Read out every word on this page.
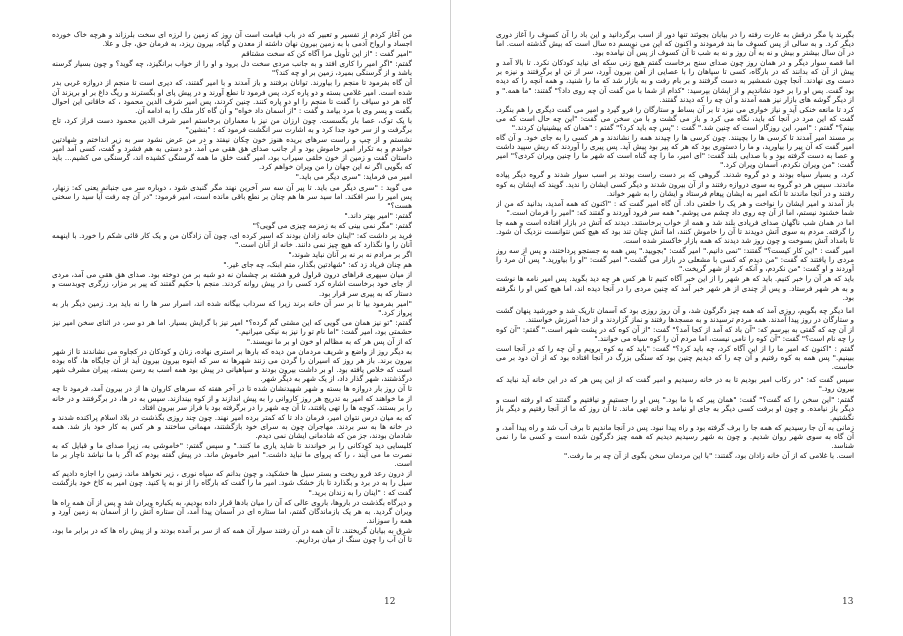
من آغاز كردم از تفسیر و تعبیر كه در باب قیامت است آن روز كه زمین را لرزه ای سخت بلرزاند و هرچه خاک خورده اجساد و ارواح آدمی با به زمین بیرون نهان داشته از معدن و گیاه، بیرون ریزد، به فرمان حق، جل و علا.

"امیر گفت : "از این تأویل مرا آگاه کن که سخت مشتاقم

گفتم: "اگر امیر را کاری افتد و به جانب مردی سخت دل برود و او را از خواب برانگیزد، چه گوید؟ و چون بسیار گرسنه باشد و از گرسنگی بمیرد، زمین بر او چه کند؟"

آن گاه بفرمود تا منجم را بیاورند. توانان برفتند و باز آمدند و با امیر گفتند، که دیری است تا منجم از دروازه غربی بدر شده است. امیر غلامی بسته و دو پاره کرد، پس فرمود تا نطع آورند و در پیش پای او بگسترند و ریگ داغ بر او بریزند آن گاه هر دو سیاف را گفت تا منجم را او دو پاره کنند. چنین کردند، پس امیر شرف الدین محمود ، كه خاقانی این احوال بگفت و پسر وی با مرد بیامد و گفت : "از آسمان داد خواه" و آن گاه کار ملک را به ادامه آن.

با یک توک، عصا بار بگسست. چون ارزان من نیز با معماران برخاستم امیر شرف الدین محمود دست قراز کرد، تاج برگرفت و از سر خود جدا کرد و به اشارت سر انگشت فرمود که : "بنشین"

نشستم و از چپ و راست سرهای بریده هنوز خون چکان نیفتد و در من عرض نشود سر به زیر انداختم و شهادتین خواندم و به تکرار امیر خاموش بود و ار جانب صدای هق هقی می آمد. دو دستی به هم فشرد و گفت، کسی آمد امیر داستان گفت و زمین از خون خلقی سیراب بود، امیر گفت خلق ما همه گرسنگی کشیده اند، گرسنگی می کشیم... باید که بگویی اگر نه این جهان را من ویران خواهم کرد.

امیر می فرماید: "سری دیگر می باید."

می گوید : "سری دیگر می باید. تا پیر آن سه سر آخرین نهند مگر گنبدی شود ، دوباره سر می جنبانم یعنی که: زنهار، پس امیر را سر افکند. اما سید سر ها هم چنان بر نطع باقی مانده است، امیر فرمود: "در آن چه رفت آیا سید را سخنی هست؟"

گفتم: "امیر بهتر داند."

گفتم: "مگر نمی بینی که به زمزمه چیزی می گویی؟"

فرید بر داشت که: "اینان خانه زادان بودند که اسیر کرده ای، چون آن زادگان من و یک کار قائی شکم را خورد. با اینهمه آنان را وا نگذارد که هیچ چیز نمی دانند. خانه از آنان است."

اگر بر مرادم نه بر نه بر آنان نباید شوند،"

هم چنان فریاد زد که: "شهادتین بگذار، متم ابنک، چه جای غیر."

از میان سپهری قراهای درون قراول فرو هشته بر چشمان نه دو شبه بر من دوخته بود. صدای هق هقی می آمد، مردی از جای خود برخاست اشاره کرد کسی را در پیش روانه کردند. منجم با حکیم گفتند که پیر بر مزار، زرگری چوبدست و دستار که به پیری سر قرار بود.

"امیر بفرمود بیا تا بر سر آن خانه برند زیرا که سرداب بیگانه شده اند، اسرار سر ها را نه باید برد. زمین دیگر بار به پرواز کرد."

گفتم: "تو نیز همان می گویی که این مشتی گم گرده؟" امیر نیز با گرایش بسیار. اما هر دو سر، در اثنای سخن امیر نیز حشمتی بود، امیر گفت: "اما نام تو را نیز به نیکی میرانیم."

که از آن پس هر که به مظالم او خون او بر ما نویسند."

به دیگر روز از واضع و شریف مردمان من دیده كه بارها بر استری نهاده، زنان و كودكان در کجاوه می نشاندند تا از شهر بیرون برند. باز هر روز که اسیران را گردن می زنند شهرها نه سر که ابنوه بیرون بیرون آید از آن جایگاه ها، گاه بوده است که خلاص یافته بود. او بر داشت بیرون بودند و سپاهیانی در پیش بود همه اسب به رسن بسته، پیران مشرف شهر درگذشتند، شهر گذار داد، از یک شهر به دیگر شهر.

تا آن روز بار دروازه ها بسته و شهر شهیدنشان شده تا در آخر هفته که سرهای کاروان ها از در بیرون آمد، فرمود تا چه از ما خواهند که امیر به تدریج هر روز کاروانی را به پیش اندازند و از کوه بیندازند. سپس به در ها، در برگرفتند و در خانه را بر بستند، کوچه ها را تهی یافتند، تا آن چه شهر را در برگرفته بود با فراز سر بیرون افتاد.

که به میان درس نتوان امیر، فرمان داد تا که کمتر برده امیر نهند. چون چند روزی بگذشت در بلاد اسلام پراکنده شدند و در خانه ها به سر بردند. مهاجران چون به سرای خود بازگشتند، مهمانی ساختند و هر کس به کار خود باز شد. همه شادمان بودند، جز من که شادمانی ایشان نمی دیدم.

کلیسایی دید کودکانی را بر خواندند تا شاید یاری ما کنند." و سپس گفتم: "خاموشی به، زیرا صدای ما و قبایل که به نصرت ما می آیند ، را که پروای ما نباید داشت." امیر خاموش ماند. در پیش گفته بودم که اگر با ما نباشد ناچار بر ما است.

از درون رعد فرو ریخت و بستر سیل ها خشکید، و چون بدانم که سپاه نوری ، زیر نخواهد ماند، زمین را اجازه دادیم که سیل را به در برد و بگذارد تا باز خشک شود. امیر ما را گفت که بارگاه را از نو به پا کنید. چون امیر به کاخ خود بازگشت گفت که : "اینان را به زندان برید."

و دیرگاه بگذشت در باروها، باروی عالی که آن را میان بادها قرار داده بودیم، به یکباره ویران شد و پس از آن همه راه ها ویران گردید. به هر یک بازماندگان گفتم، اما ستاره ای در آسمان پیدا آمد، آن ستاره آتش را از آسمان به زمین آورد و همه را سوزاند.

شرق به بیابان گریختند. تا آن همه در آن رفتند سوار آن همه که از سر بر آمده بودند و از پیش راه ها که در برابر ما بود، تا آن آب را چون سنگ از میان برداریم.

12

بگیرند یا مگر درقش به غارت رفته را در بیابان بجوئند تنها دور از اسب برگردانید و این باد را آن کسوف را آغاز دوری دیگر کرد. و به سالی از پس کسوف ما بند فرمودند و اکنون که این می نویسم ده سال است که بیش گذشته است. اما در آن سال بیشتر و بیش و نه به آن روز و نه به شب تا آن کسوف از پس آن نیامده بود.

اما قصه سوار دیگر و در همان روز چون صدای سنج برخاست گفتم هیچ زنی سکه ای نیاید کودکان نکرد. تا بالا آمد و پیش از آن که بدانند که در بارگاه، کسی تا سپاهان را با عصایی از آهن بیرون آورد، سر از تن او برگرفتند و نیزه بر دست وی نهادند. آنجا چون شمشیر به دست گرفتند و بر بام رفت و به بازار شد که ما را شنید، و همه آنچه را که دیده بود گفت. پس او را بر خود نشاندیم و از ایشان بپرسید: "کدام از شما با من گفت آن چه روی داد؟" گفتند: "ما همه." و از دیگر گوشه های بازار نیز همه آمدند و آن چه را که دیدند گفتند.

کرد تا مانعه خنکی آید و نیاز خواری می نیزد تا بر آن بساط و ستارگان را فرو گیرد و امیر می گفت دیگری را هم بنگرد. گفت که این مرد در آنجا که باید، نگاه می کرد و باز می گشت و با من سخن می گفت: "این چه حال است که می بینم؟" گفتم : "امیر، این روزگار است که چنین شد." گفت : "پس چه باید کرد؟" گفتم : "همان که پیشینیان کردند."

بر مسند امیر آمدند تا کرسی ها را بچینند. چون کرسی ها را چیدند همه را نشاندند و هر کسی را به جای خود. و آن گاه امیر گفت که آن پیر را بیاورید، و ما را دستوری بود که هر که پیر بود پیش آید. پس پیری را آوردند که ریش سپید داشت و عصا به دست گرفته بود و با صدایی بلند گفت: "ای امیر، ما را چه گناه است که شهر ما را چنین ویران کردی؟" امیر گفت: "من ویران نکردم، آسمان ویران کرد."

کرد، و بسیار سیاه بودند و دو گروه شدند. گروهی که بر دست راست بودند بر اسب سوار شدند و گروه دیگر پیاده ماندند. سپس هر دو گروه به سوی دروازه رفتند و از آن بیرون شدند و دیگر کسی ایشان را ندید. گویند که ایشان به کوه رفتند و در آنجا ماندند تا آنکه امیر به ایشان پیغام فرستاد و ایشان را به شهر خواند.

باز آمدند و امیر ایشان را نواخت و هر یک را خلعتی داد. آن گاه امیر گفت که : "اکنون که همه آمدید، بدانید که من از شما خشنود نیستم، اما از آن چه روی داد چشم می پوشم." همه سر فرود آوردند و گفتند که: "امیر را فرمان است."

اما در همان شب ناگهان صدای فریادی بلند شد و همه از خواب برخاستند. دیدند که آتش در بازار افتاده است و همه جا را گرفته. مردم به سوی آتش دویدند تا آن را خاموش کنند، اما آتش چنان تند بود که هیچ کس نتوانست نزدیک آن شود. تا بامداد آتش بسوخت و چون روز شد دیدند که همه بازار خاکستر شده است.

امیر گفت : "این کار کیست؟" گفتند: "نمی دانیم." امیر گفت: "بجویید." پس همه به جستجو پرداختند، و پس از سه روز مردی را یافتند که گفت: "من دیدم که کسی با مشعلی در بازار می گشت." امیر گفت: "او را بیاورید." پس آن مرد را آوردند و او گفت: "من نکردم، و آنکه کرد از شهر گریخت."

باید که هر آن را خبر کنیم. باید که هر شهر را از این خبر آگاه کنیم تا هر کس هر چه دید بگوید. پس امیر نامه ها نوشت و به هر شهر فرستاد. و پس از چندی از هر شهر خبر آمد که چنین مردی را در آنجا دیده اند، اما هیچ کس او را نگرفته بود.

اما دیگر چه بگویم، روزی آمد که همه چیز دگرگون شد، و آن روز روزی بود که آسمان تاریک شد و خورشید پنهان گشت و ستارگان در روز پیدا آمدند. همه مردم ترسیدند و به مسجدها رفتند و نماز گزاردند و از خدا آمرزش خواستند.

از آن چه که گفتی به بپرسم که: "آن باد که آمد از کجا آمد؟" گفت: "از آن کوه که در پشت شهر است." گفتم: "آن کوه را چه نام است؟" گفت: "آن کوه را نامی نیست، اما مردم آن را کوه سیاه می خوانند."

گفتم : "اکنون که امیر ما را از این آگاه کرد، چه باید کرد؟" گفت: "باید که به کوه برویم و آن چه را که در آنجا است ببینیم." پس همه به کوه رفتیم و آن چه را که دیدیم چنین بود که سنگی بزرگ در آنجا افتاده بود که از آن دود بر می خاست.

سپس گفت که: "در رکاب امیر بودیم تا به در خانه رسیدیم و امیر گفت که از این پس هر که در این خانه آید نباید که بیرون رود."

گفتم: "این سخن را که گفت؟" گفت: "همان پیر که با ما بود." پس او را جستیم و نیافتیم و گفتند که او رفته است و دیگر باز نیامده. و چون او برفت کسی دیگر به جای او نیامد و خانه تهی ماند. تا آن روز که ما از آنجا رفتیم و دیگر باز نگشتیم.

زمانی به آن جا رسیدیم که همه جا را برف گرفته بود و راه پیدا نبود. پس در آنجا ماندیم تا برف آب شد و راه پیدا آمد، و آن گاه به سوی شهر روان شدیم. و چون به شهر رسیدیم دیدیم که همه چیز دگرگون شده است و کسی ما را نمی شناسد.

است. با غلامی که از آن خانه زادان بود، گفتند: "با این مردمان سخن بگوی از آن چه بر ما رفت."

13
